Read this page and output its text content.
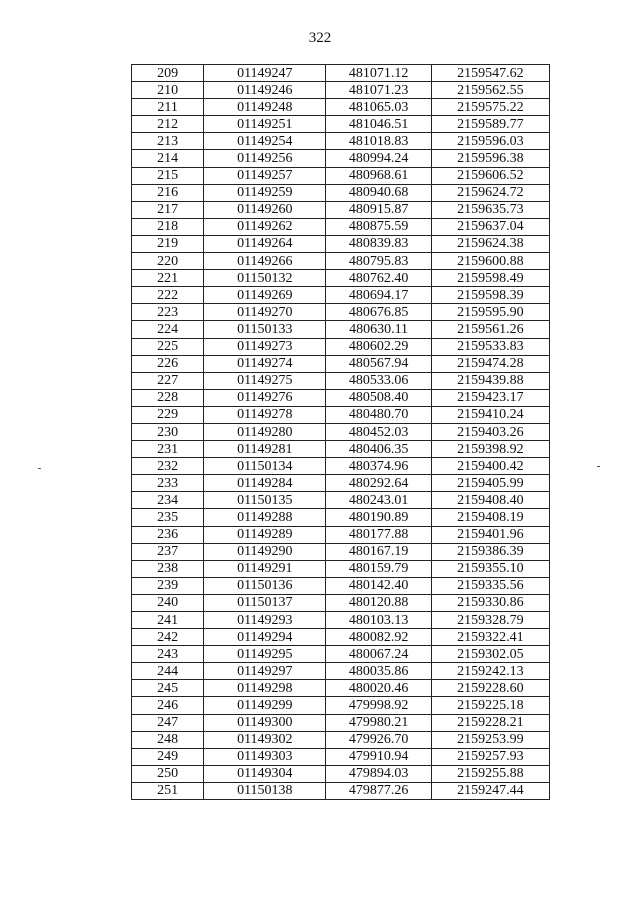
322
209	01149247	481071.12	2159547.62
210	01149246	481071.23	2159562.55
211	01149248	481065.03	2159575.22
212	01149251	481046.51	2159589.77
213	01149254	481018.83	2159596.03
214	01149256	480994.24	2159596.38
215	01149257	480968.61	2159606.52
216	01149259	480940.68	2159624.72
217	01149260	480915.87	2159635.73
218	01149262	480875.59	2159637.04
219	01149264	480839.83	2159624.38
220	01149266	480795.83	2159600.88
221	01150132	480762.40	2159598.49
222	01149269	480694.17	2159598.39
223	01149270	480676.85	2159595.90
224	01150133	480630.11	2159561.26
225	01149273	480602.29	2159533.83
226	01149274	480567.94	2159474.28
227	01149275	480533.06	2159439.88
228	01149276	480508.40	2159423.17
229	01149278	480480.70	2159410.24
230	01149280	480452.03	2159403.26
231	01149281	480406.35	2159398.92
232	01150134	480374.96	2159400.42
233	01149284	480292.64	2159405.99
234	01150135	480243.01	2159408.40
235	01149288	480190.89	2159408.19
236	01149289	480177.88	2159401.96
237	01149290	480167.19	2159386.39
238	01149291	480159.79	2159355.10
239	01150136	480142.40	2159335.56
240	01150137	480120.88	2159330.86
241	01149293	480103.13	2159328.79
242	01149294	480082.92	2159322.41
243	01149295	480067.24	2159302.05
244	01149297	480035.86	2159242.13
245	01149298	480020.46	2159228.60
246	01149299	479998.92	2159225.18
247	01149300	479980.21	2159228.21
248	01149302	479926.70	2159253.99
249	01149303	479910.94	2159257.93
250	01149304	479894.03	2159255.88
251	01150138	479877.26	2159247.44
